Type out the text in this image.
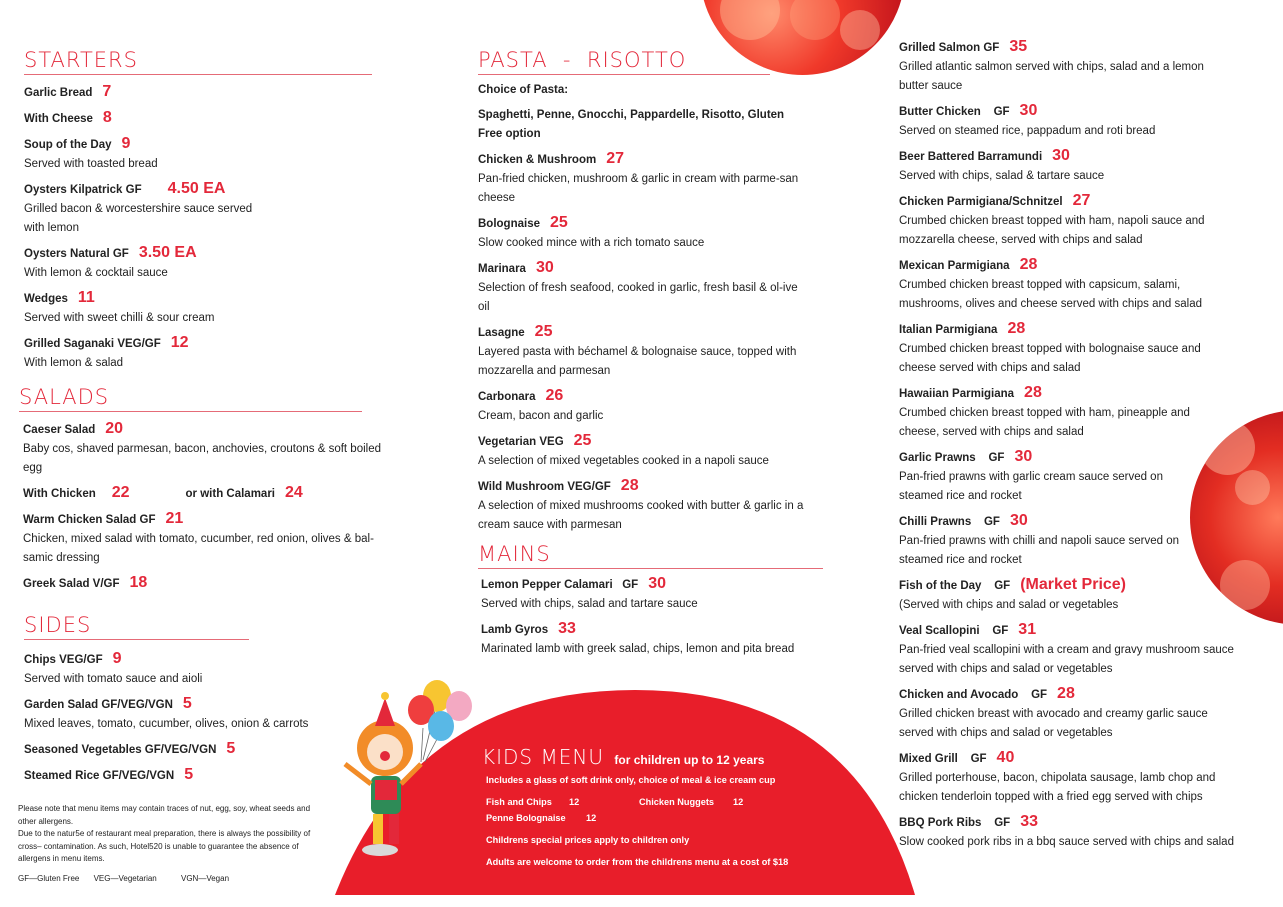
STARTERS
Garlic Bread 7
With Cheese 8
Soup of the Day 9
Served with toasted bread
Oysters Kilpatrick GF 4.50 EA
Grilled bacon & worcestershire sauce served with lemon
Oysters Natural GF 3.50 EA
With lemon & cocktail sauce
Wedges 11
Served with sweet chilli & sour cream
Grilled Saganaki VEG/GF 12
With lemon & salad
SALADS
Caeser Salad 20
Baby cos, shaved parmesan, bacon, anchovies, croutons & soft boiled egg
With Chicken 22	or with Calamari 24
Warm Chicken Salad GF 21
Chicken, mixed salad with tomato, cucumber, red onion, olives & bal-samic dressing
Greek Salad V/GF 18
SIDES
Chips VEG/GF 9
Served with tomato sauce and aioli
Garden Salad GF/VEG/VGN 5
Mixed leaves, tomato, cucumber, olives, onion & carrots
Seasoned Vegetables GF/VEG/VGN 5
Steamed Rice GF/VEG/VGN 5
Please note that menu items may contain traces of nut, egg, soy, wheat seeds and other allergens.
Due to the natur5e of restaurant meal preparation, there is always the possibility of cross– contamination. As such, Hotel520 is unable to guarantee the absence of allergens in menu items.
GF—Gluten Free VEG—Vegetarian	VGN—Vegan
PASTA  -  RISOTTO
Choice of Pasta:
Spaghetti, Penne, Gnocchi, Pappardelle, Risotto, Gluten Free option
Chicken & Mushroom 27
Pan-fried chicken, mushroom & garlic in cream with parme-san cheese
Bolognaise 25
Slow cooked mince with a rich tomato sauce
Marinara 30
Selection of fresh seafood, cooked in garlic, fresh basil & ol-ive oil
Lasagne 25
Layered pasta with béchamel & bolognaise sauce, topped with mozzarella and parmesan
Carbonara 26
Cream, bacon and garlic
Vegetarian VEG 25
A selection of mixed vegetables cooked in a napoli sauce
Wild Mushroom VEG/GF 28
A selection of mixed mushrooms cooked with butter & garlic in a cream sauce with parmesan
MAINS
Lemon Pepper Calamari   GF 30
Served with chips, salad and tartare sauce
Lamb Gyros 33
Marinated lamb with greek salad, chips, lemon and pita bread
KIDS MENU for children up to 12 years
Includes a glass of soft drink only, choice of meal & ice cream cup
Fish and Chips 12	Chicken Nuggets 12
Penne Bolognaise 12
Childrens special prices apply to children only
Adults are welcome to order from the childrens menu at a cost of $18
Grilled Salmon GF 35
Grilled atlantic salmon served with chips, salad and a lemon butter sauce
Butter Chicken    GF 30
Served on steamed rice, pappadum and roti bread
Beer Battered Barramundi 30
Served with chips, salad & tartare sauce
Chicken Parmigiana/Schnitzel 27
Crumbed chicken breast topped with ham, napoli sauce and mozzarella cheese, served with chips and salad
Mexican Parmigiana 28
Crumbed chicken breast topped with capsicum, salami, mushrooms, olives and cheese served with chips and salad
Italian Parmigiana 28
Crumbed chicken breast topped with bolognaise sauce and cheese served with chips and salad
Hawaiian Parmigiana 28
Crumbed chicken breast topped with ham, pineapple and cheese, served with chips and salad
Garlic Prawns    GF 30
Pan-fried prawns with garlic cream sauce served on steamed rice and rocket
Chilli Prawns    GF 30
Pan-fried prawns with chilli and napoli sauce served on steamed rice and rocket
Fish of the Day    GF (Market Price)
(Served with chips and salad or vegetables
Veal Scallopini    GF 31
Pan-fried veal scallopini with a cream and gravy mushroom sauce served with chips and salad or vegetables
Chicken and Avocado    GF 28
Grilled chicken breast with avocado and creamy garlic sauce served with chips and salad or vegetables
Mixed Grill    GF 40
Grilled porterhouse, bacon, chipolata sausage, lamb chop and chicken tenderloin topped with a fried egg served with chips
BBQ Pork Ribs    GF 33
Slow cooked pork ribs in a bbq sauce served with chips and salad
